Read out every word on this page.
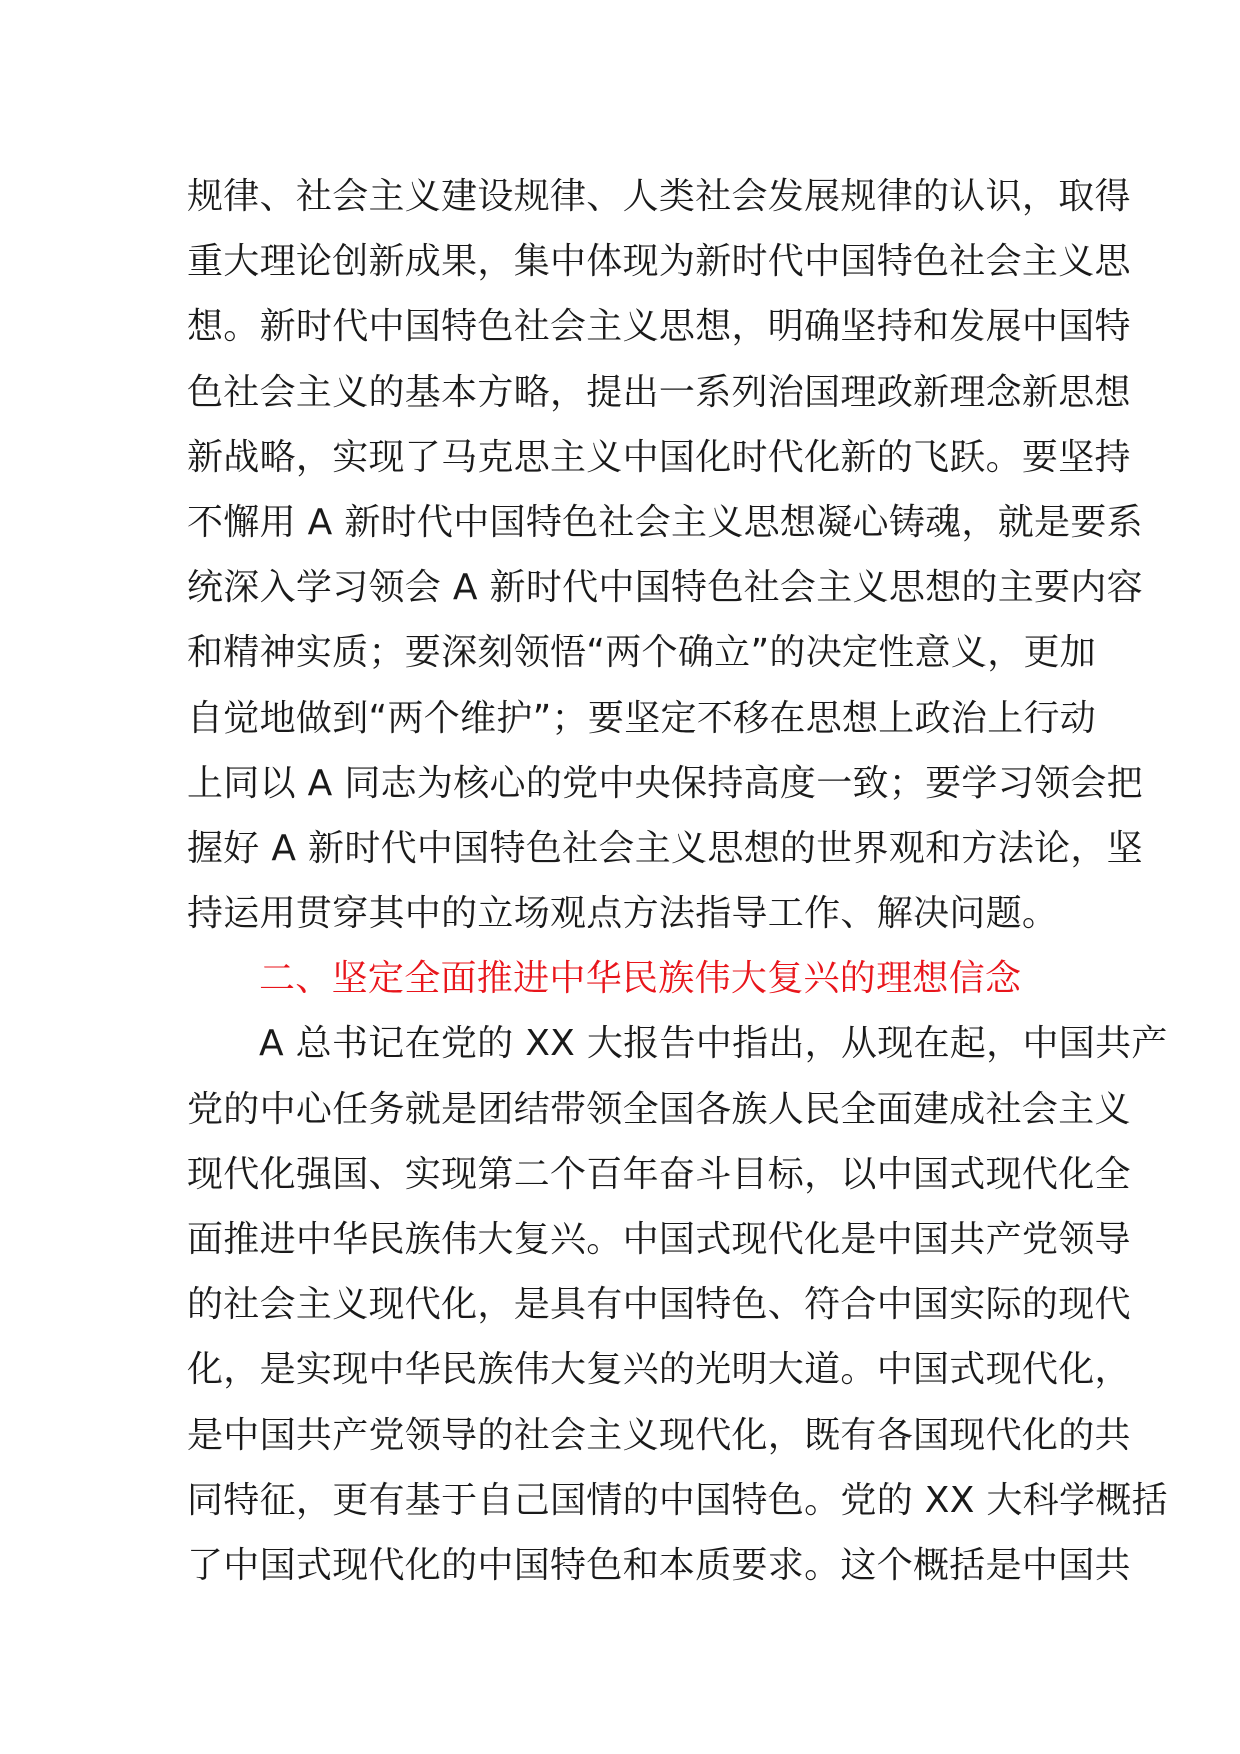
规律、社会主义建设规律、人类社会发展规律的认识，取得
重大理论创新成果，集中体现为新时代中国特色社会主义思
想。新时代中国特色社会主义思想，明确坚持和发展中国特
色社会主义的基本方略，提出一系列治国理政新理念新思想
新战略，实现了马克思主义中国化时代化新的飞跃。要坚持
不懈用 A 新时代中国特色社会主义思想凝心铸魂，就是要系
统深入学习领会 A 新时代中国特色社会主义思想的主要内容
和精神实质；要深刻领悟“两个确立”的决定性意义，更加
自觉地做到“两个维护”；要坚定不移在思想上政治上行动
上同以 A 同志为核心的党中央保持高度一致；要学习领会把
握好 A 新时代中国特色社会主义思想的世界观和方法论，坚
持运用贯穿其中的立场观点方法指导工作、解决问题。
二、坚定全面推进中华民族伟大复兴的理想信念
A 总书记在党的 XX 大报告中指出，从现在起，中国共产
党的中心任务就是团结带领全国各族人民全面建成社会主义
现代化强国、实现第二个百年奋斗目标，以中国式现代化全
面推进中华民族伟大复兴。中国式现代化是中国共产党领导
的社会主义现代化，是具有中国特色、符合中国实际的现代
化，是实现中华民族伟大复兴的光明大道。中国式现代化，
是中国共产党领导的社会主义现代化，既有各国现代化的共
同特征，更有基于自己国情的中国特色。党的 XX 大科学概括
了中国式现代化的中国特色和本质要求。这个概括是中国共
